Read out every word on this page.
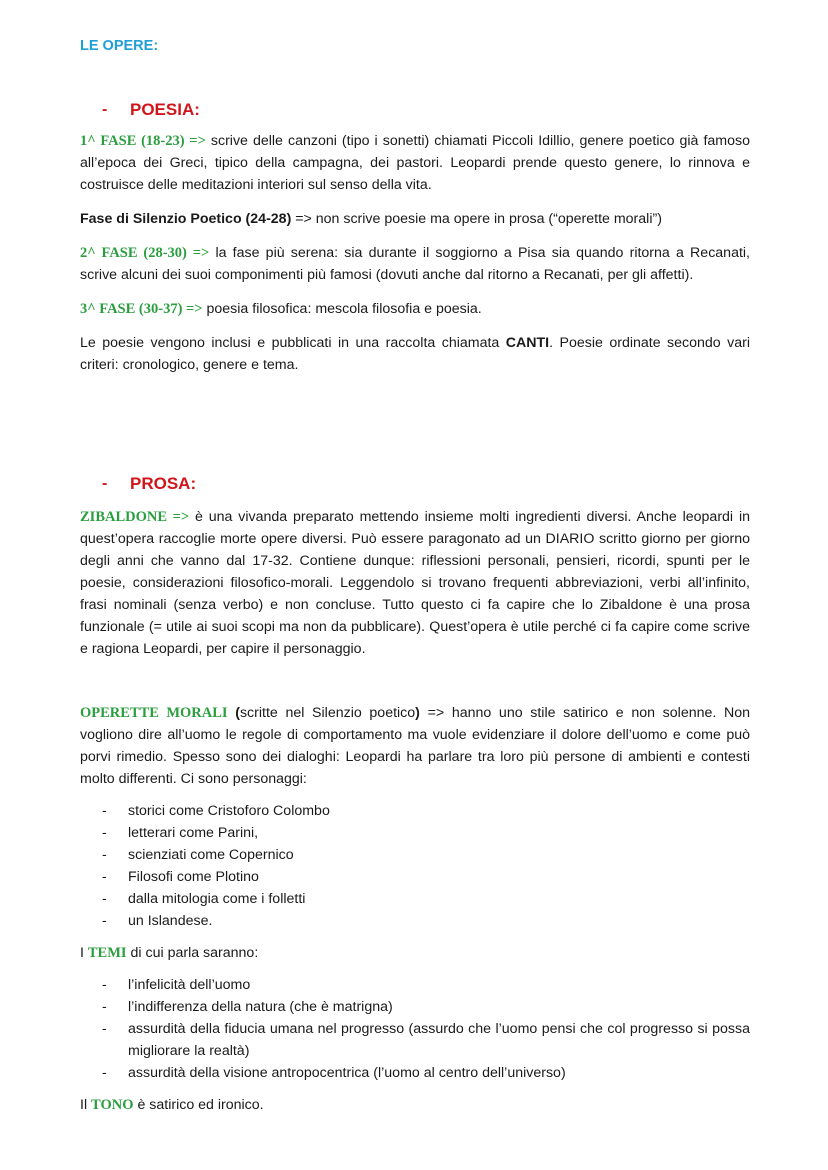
LE OPERE:
-	POESIA:

1^ FASE (18-23) => scrive delle canzoni (tipo i sonetti) chiamati Piccoli Idillio, genere poetico già famoso all’epoca dei Greci, tipico della campagna, dei pastori. Leopardi prende questo genere, lo rinnova e costruisce delle meditazioni interiori sul senso della vita.

Fase di Silenzio Poetico (24-28) => non scrive poesie ma opere in prosa (“operette morali”)

2^ FASE (28-30) => la fase più serena: sia durante il soggiorno a Pisa sia quando ritorna a Recanati, scrive alcuni dei suoi componimenti più famosi (dovuti anche dal ritorno a Recanati, per gli affetti).

3^ FASE (30-37) => poesia filosofica: mescola filosofia e poesia.

Le poesie vengono inclusi e pubblicati in una raccolta chiamata CANTI. Poesie ordinate secondo vari criteri: cronologico, genere e tema.

-	PROSA:

ZIBALDONE => è una vivanda preparato mettendo insieme molti ingredienti diversi. Anche leopardi in quest’opera raccoglie morte opere diversi. Può essere paragonato ad un DIARIO scritto giorno per giorno degli anni che vanno dal 17-32. Contiene dunque: riflessioni personali, pensieri, ricordi, spunti per le poesie, considerazioni filosofico-morali. Leggendolo si trovano frequenti abbreviazioni, verbi all’infinito, frasi nominali (senza verbo) e non concluse. Tutto questo ci fa capire che lo Zibaldone è una prosa funzionale (= utile ai suoi scopi ma non da pubblicare). Quest’opera è utile perché ci fa capire come scrive e ragiona Leopardi, per capire il personaggio.

OPERETTE MORALI (scritte nel Silenzio poetico) => hanno uno stile satirico e non solenne. Non vogliono dire all’uomo le regole di comportamento ma vuole evidenziare il dolore dell’uomo e come può porvi rimedio. Spesso sono dei dialoghi: Leopardi ha parlare tra loro più persone di ambienti e contesti molto differenti. Ci sono personaggi:

-	storici come Cristoforo Colombo
-	letterari come Parini,
-	scienziati come Copernico
-	Filosofi come Plotino
-	dalla mitologia come i folletti
-	un Islandese.

I TEMI di cui parla saranno:

-	l’infelicità dell’uomo
-	l’indifferenza della natura (che è matrigna)
-	assurdità della fiducia umana nel progresso (assurdo che l’uomo pensi che col progresso si possa migliorare la realtà)
-	assurdità della visione antropocentrica (l’uomo al centro dell’universo)

Il TONO è satirico ed ironico.
